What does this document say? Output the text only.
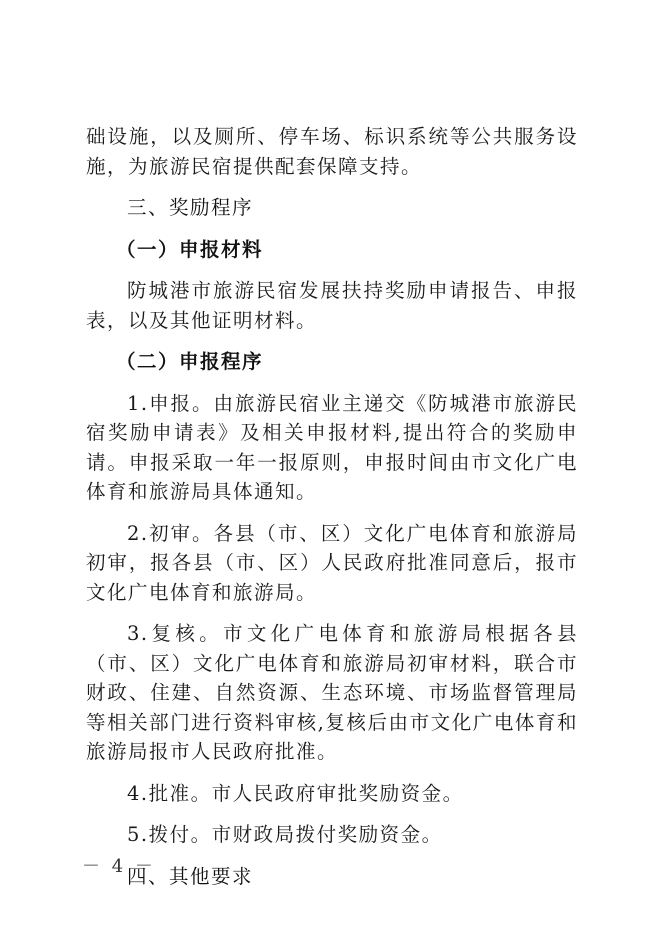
础设施，以及厕所、停车场、标识系统等公共服务设施，为旅游民宿提供配套保障支持。

三、奖励程序

（一）申报材料

防城港市旅游民宿发展扶持奖励申请报告、申报表，以及其他证明材料。

（二）申报程序

1.申报。由旅游民宿业主递交《防城港市旅游民宿奖励申请表》及相关申报材料,提出符合的奖励申请。申报采取一年一报原则，申报时间由市文化广电体育和旅游局具体通知。

2.初审。各县（市、区）文化广电体育和旅游局初审，报各县（市、区）人民政府批准同意后，报市文化广电体育和旅游局。

3.复核。市文化广电体育和旅游局根据各县（市、区）文化广电体育和旅游局初审材料，联合市财政、住建、自然资源、生态环境、市场监督管理局等相关部门进行资料审核,复核后由市文化广电体育和旅游局报市人民政府批准。

4.批准。市人民政府审批奖励资金。

5.拨付。市财政局拨付奖励资金。

四、其他要求

－ 4 －
